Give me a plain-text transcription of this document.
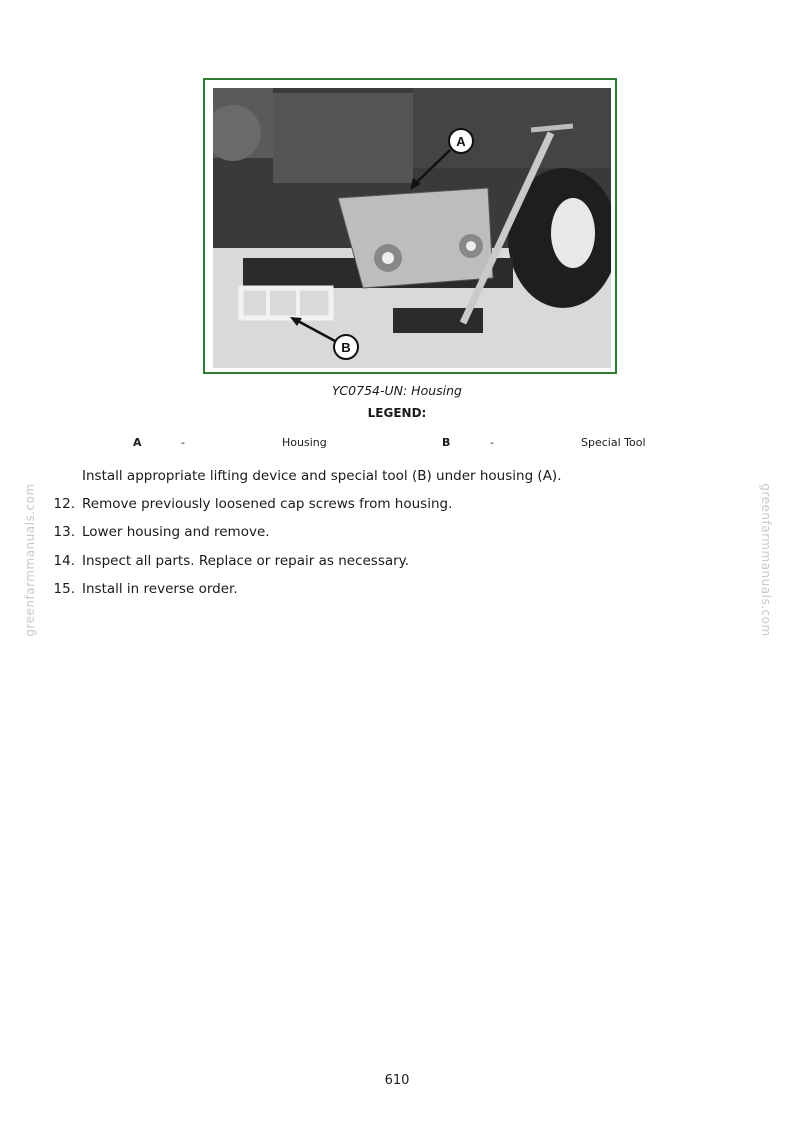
A
B
YC0754-UN: Housing
LEGEND:
A	-	Housing	B	-	Special Tool
Install appropriate lifting device and special tool (B) under housing (A).
12. Remove previously loosened cap screws from housing.
13. Lower housing and remove.
14. Inspect all parts. Replace or repair as necessary.
15. Install in reverse order.
greenfarmmanuals.com	greenfarmmanuals.com
610
